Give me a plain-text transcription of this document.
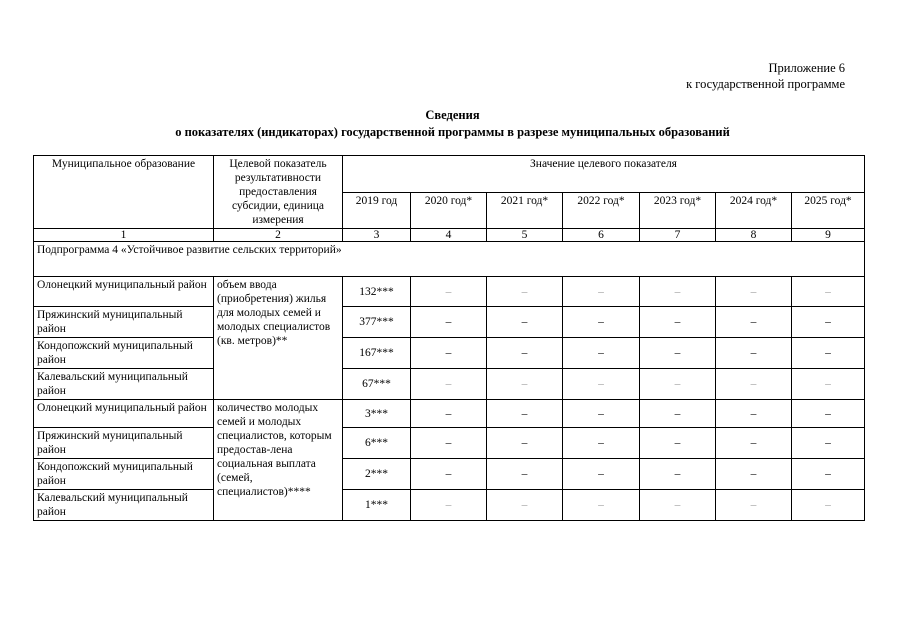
Приложение 6
к государственной программе
Сведения
о показателях (индикаторах) государственной программы в разрезе муниципальных образований
Муниципальное образование	Целевой показатель результативности предоставления субсидии, единица измерения	Значение целевого показателя						
		2019 год	2020 год*	2021 год*	2022 год*	2023 год*	2024 год*	2025 год*
1	2	3	4	5	6	7	8	9
Подпрограмма 4 «Устойчивое развитие сельских территорий»								
Олонецкий муниципальный район	объем ввода (приобретения) жилья для молодых семей и молодых специалистов (кв. метров)**	132***	–	–	–	–	–	–
Пряжинский муниципальный район		377***	–	–	–	–	–	–
Кондопожский муниципальный район		167***	–	–	–	–	–	–
Калевальский муниципальный район		67***	–	–	–	–	–	–
Олонецкий муниципальный район	количество молодых семей и молодых специалистов, которым предостав-лена социальная выплата (семей, специалистов)****	3***	–	–	–	–	–	–
Пряжинский муниципальный район		6***	–	–	–	–	–	–
Кондопожский муниципальный район		2***	–	–	–	–	–	–
Калевальский муниципальный район		1***	–	–	–	–	–	–
